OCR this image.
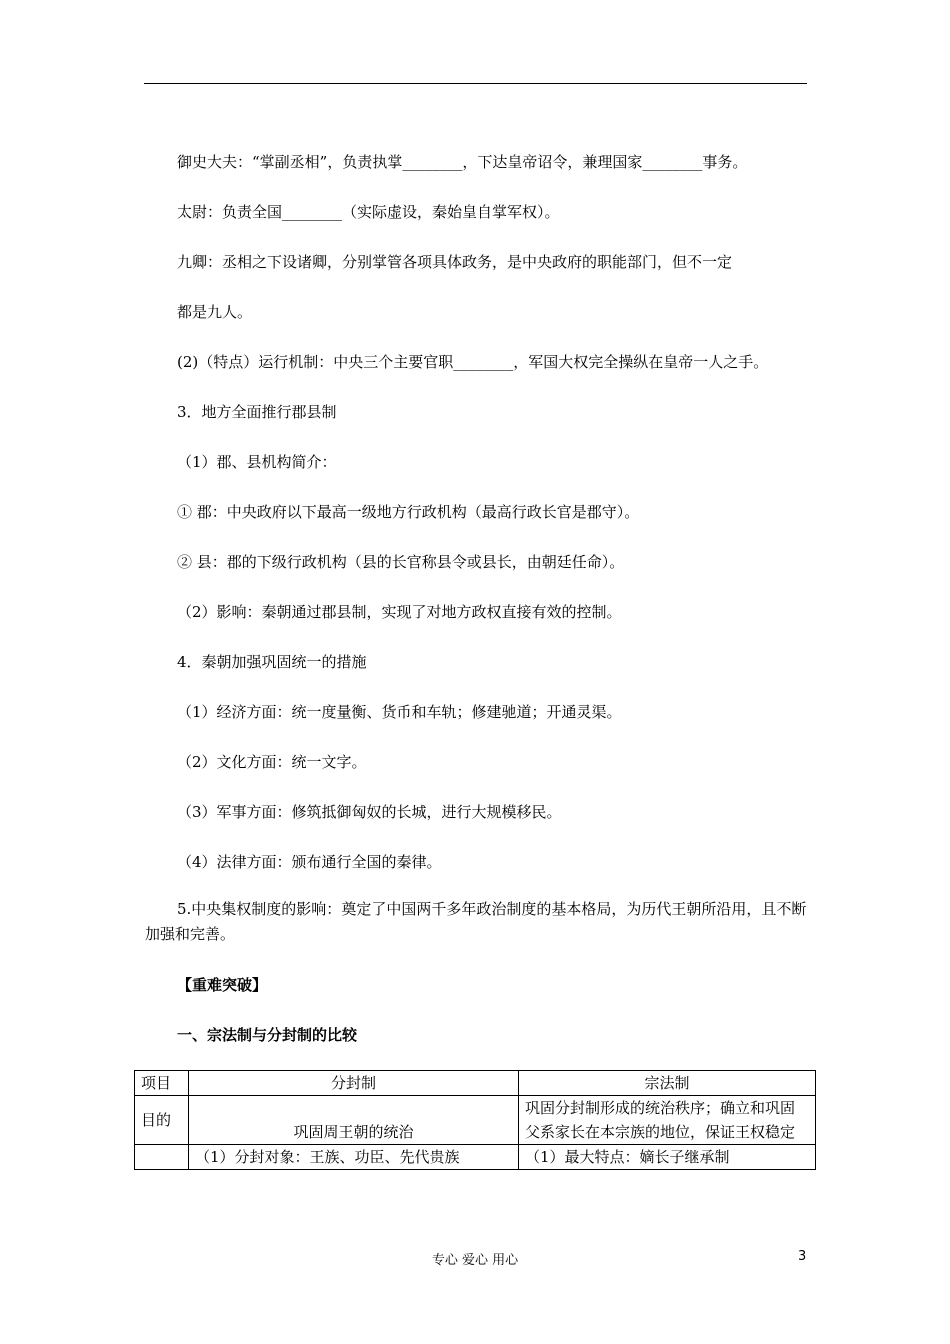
御史大夫：“掌副丞相”，负责执掌________，下达皇帝诏令，兼理国家________事务。
太尉：负责全国________（实际虚设，秦始皇自掌军权）。
九卿：丞相之下设诸卿，分别掌管各项具体政务，是中央政府的职能部门，但不一定
都是九人。
(2)（特点）运行机制：中央三个主要官职________，军国大权完全操纵在皇帝一人之手。
3．地方全面推行郡县制
（1）郡、县机构简介：
① 郡：中央政府以下最高一级地方行政机构（最高行政长官是郡守）。
② 县：郡的下级行政机构（县的长官称县令或县长，由朝廷任命）。
（2）影响：秦朝通过郡县制，实现了对地方政权直接有效的控制。
4．秦朝加强巩固统一的措施
（1）经济方面：统一度量衡、货币和车轨；修建驰道；开通灵渠。
（2）文化方面：统一文字。
（3）军事方面：修筑抵御匈奴的长城，进行大规模移民。
（4）法律方面：颁布通行全国的秦律。
5.中央集权制度的影响：奠定了中国两千多年政治制度的基本格局，为历代王朝所沿用，且不断加强和完善。
【重难突破】
一、宗法制与分封制的比较
项目	分封制	宗法制
目的	巩固周王朝的统治	巩固分封制形成的统治秩序；确立和巩固父系家长在本宗族的地位，保证王权稳定
	（1）分封对象：王族、功臣、先代贵族	（1）最大特点：嫡长子继承制
专心 爱心 用心	3
